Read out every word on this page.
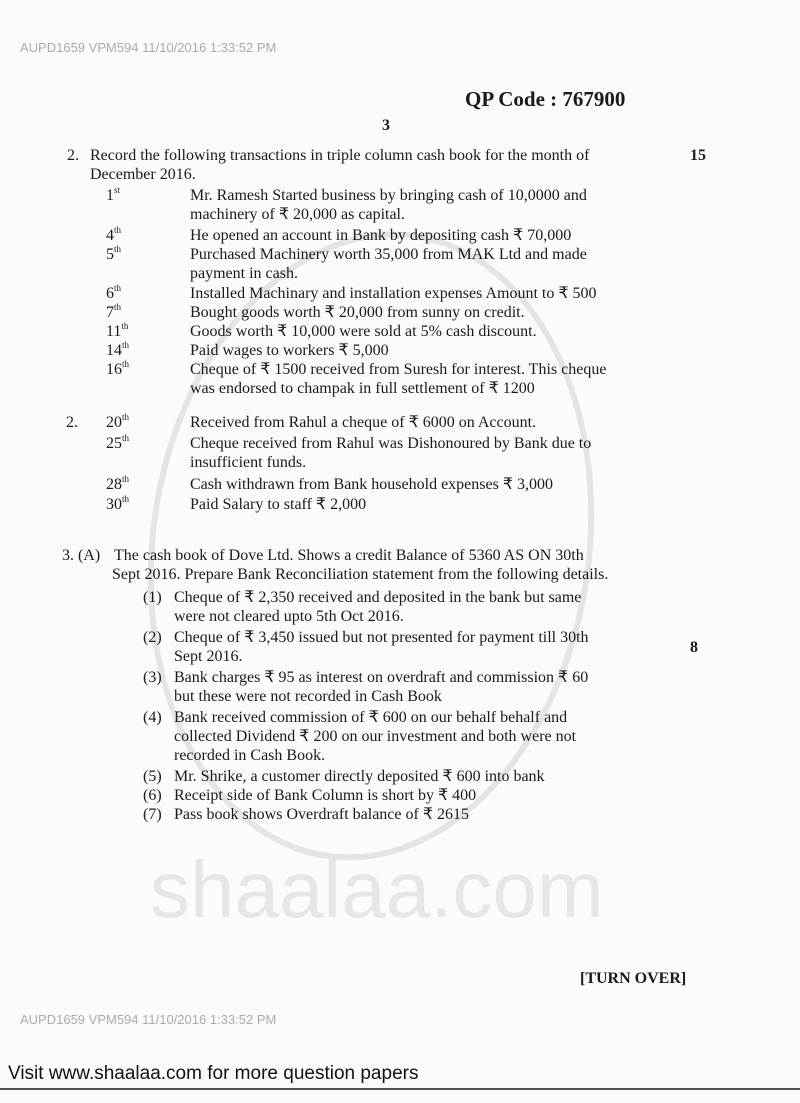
shaalaa.com
AUPD1659 VPM594 11/10/2016 1:33:52 PM
AUPD1659 VPM594 11/10/2016 1:33:52 PM
QP Code : 767900
3
[TURN OVER]
Visit www.shaalaa.com for more question papers
2. Record the following transactions in triple column cash book for the month of
December 2016.
15
1st	Mr. Ramesh Started business by bringing cash of 10,0000 and
machinery of ₹ 20,000 as capital.
4th	He opened an account in Bank by depositing cash ₹ 70,000
5th	Purchased Machinery worth 35,000 from MAK Ltd and made
payment in cash.
6th	Installed Machinary and installation expenses Amount to ₹ 500
7th	Bought goods worth ₹ 20,000 from sunny on credit.
11th	Goods worth ₹ 10,000 were sold at 5% cash discount.
14th	Paid wages to workers ₹ 5,000
16th	Cheque of ₹ 1500 received from Suresh for interest. This cheque
was endorsed to champak in full settlement of ₹ 1200
2. 20th	Received from Rahul a cheque of ₹ 6000 on Account.
25th	Cheque received from Rahul was Dishonoured by Bank due to
insufficient funds.
28th	Cash withdrawn from Bank household expenses ₹ 3,000
30th	Paid Salary to staff ₹ 2,000
3. (A) The cash book of Dove Ltd. Shows a credit Balance of 5360 AS ON 30th
Sept 2016. Prepare Bank Reconciliation statement from the following details.
8
(1) Cheque of ₹ 2,350 received and deposited in the bank but same
were not cleared upto 5th Oct 2016.
(2) Cheque of ₹ 3,450 issued but not presented for payment till 30th
Sept 2016.
(3) Bank charges ₹ 95 as interest on overdraft and commission ₹ 60
but these were not recorded in Cash Book
(4) Bank received commission of ₹ 600 on our behalf behalf and
collected Dividend ₹ 200 on our investment and both were not
recorded in Cash Book.
(5) Mr. Shrike, a customer directly deposited ₹ 600 into bank
(6) Receipt side of Bank Column is short by ₹ 400
(7) Pass book shows Overdraft balance of ₹ 2615
